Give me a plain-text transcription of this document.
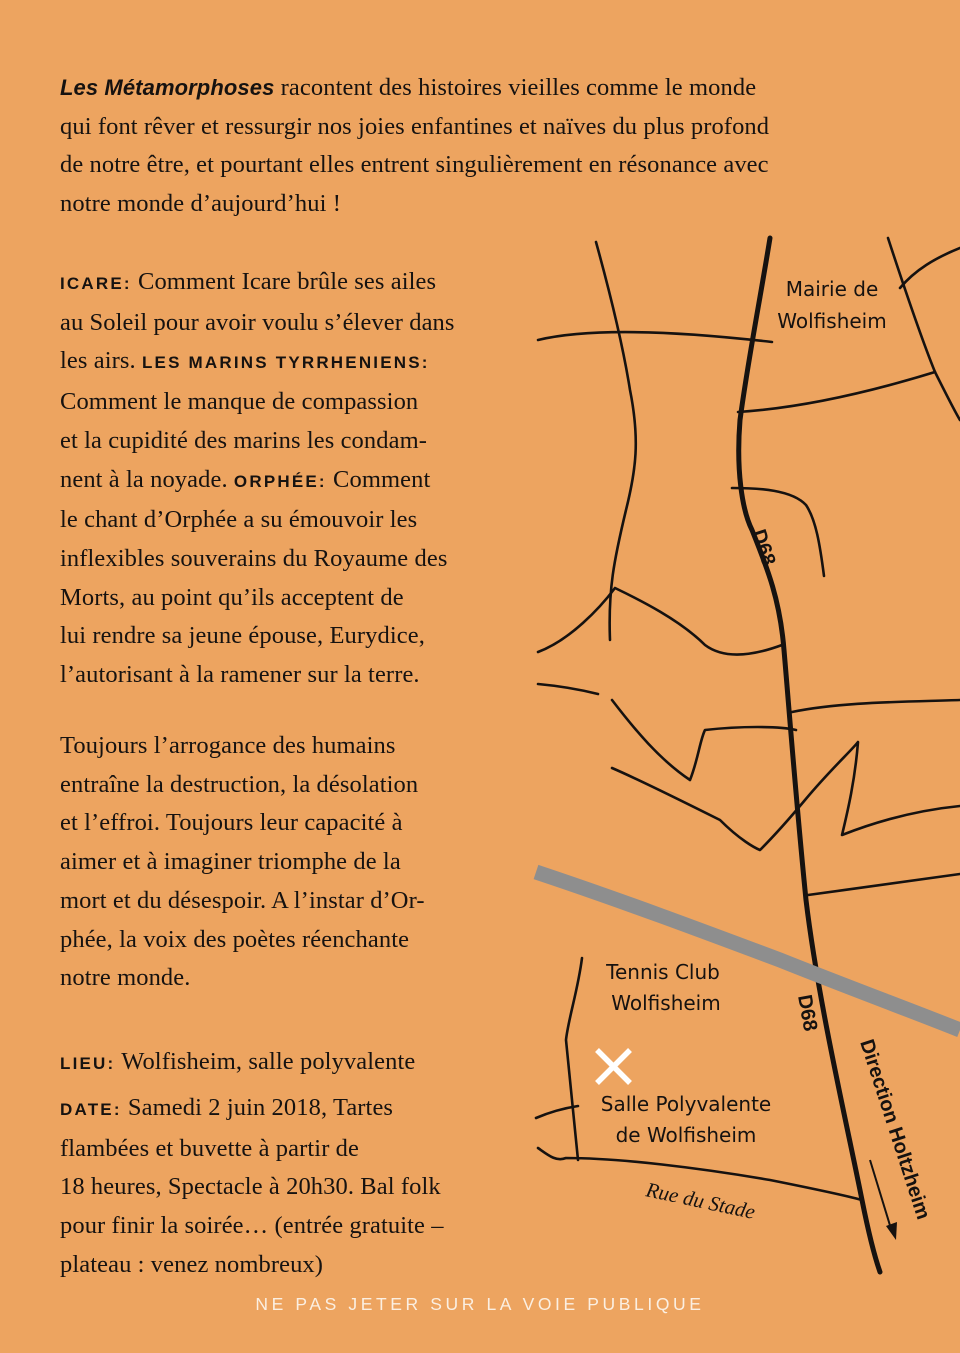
Les Métamorphoses racontent des histoires vieilles comme le monde
qui font rêver et ressurgir nos joies enfantines et naïves du plus profond
de notre être, et pourtant elles entrent singulièrement en résonance avec
notre monde d’aujourd’hui !

ICARE: Comment Icare brûle ses ailes
au Soleil pour avoir voulu s’élever dans
les airs. LES MARINS TYRRHENIENS:
Comment le manque de compassion
et la cupidité des marins les condam-
nent à la noyade. ORPHÉE: Comment
le chant d’Orphée a su émouvoir les
inflexibles souverains du Royaume des
Morts, au point qu’ils acceptent de
lui rendre sa jeune épouse, Eurydice,
l’autorisant à la ramener sur la terre.

Toujours l’arrogance des humains
entraîne la destruction, la désolation
et l’effroi. Toujours leur capacité à
aimer et à imaginer triomphe de la
mort et du désespoir. A l’instar d’Or-
phée, la voix des poètes réenchante
notre monde.

LIEU: Wolfisheim, salle polyvalente

DATE: Samedi 2 juin 2018, Tartes
flambées et buvette à partir de
18 heures, Spectacle à 20h30. Bal folk
pour finir la soirée… (entrée gratuite –
plateau : venez nombreux)

Mairie de
Wolfisheim
D68
D68
Tennis Club
Wolfisheim
Salle Polyvalente
de Wolfisheim
Rue du Stade	Direction Holtzheim
NE PAS JETER SUR LA VOIE PUBLIQUE
